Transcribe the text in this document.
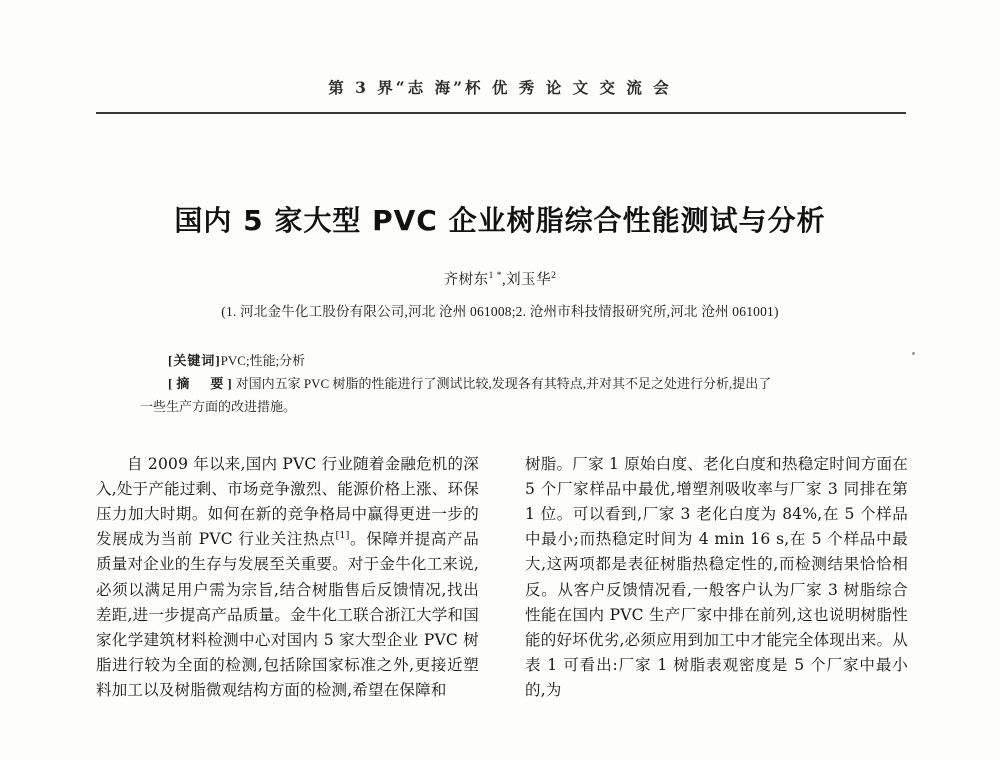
第 3 界“志 海”杯 优 秀 论 文 交 流 会
国内 5 家大型 PVC 企业树脂综合性能测试与分析
齐树东$^{1 *}$,刘玉华$^2$
(1. 河北金牛化工股份有限公司,河北 沧州 061008;2. 沧州市科技情报研究所,河北 沧州 061001)
[关键词]PVC;性能;分析
[摘　要]对国内五家 PVC 树脂的性能进行了测试比较,发现各有其特点,并对其不足之处进行分析,提出了
一些生产方面的改进措施。

自 2009 年以来,国内 PVC 行业随着金融危机的深入,处于产能过剩、市场竞争激烈、能源价格上涨、环保压力加大时期。如何在新的竞争格局中赢得更进一步的发展成为当前 PVC 行业关注热点[1]。保障并提高产品质量对企业的生存与发展至关重要。对于金牛化工来说,必须以满足用户需为宗旨,结合树脂售后反馈情况,找出差距,进一步提高产品质量。金牛化工联合浙江大学和国家化学建筑材料检测中心对国内 5 家大型企业 PVC 树脂进行较为全面的检测,包括除国家标准之外,更接近塑料加工以及树脂微观结构方面的检测,希望在保障和

树脂。厂家 1 原始白度、老化白度和热稳定时间方面在 5 个厂家样品中最优,增塑剂吸收率与厂家 3 同排在第 1 位。可以看到,厂家 3 老化白度为 84%,在 5 个样品中最小;而热稳定时间为 4 min 16 s,在 5 个样品中最大,这两项都是表征树脂热稳定性的,而检测结果恰恰相反。从客户反馈情况看,一般客户认为厂家 3 树脂综合性能在国内 PVC 生产厂家中排在前列,这也说明树脂性能的好坏优劣,必须应用到加工中才能完全体现出来。从表 1 可看出:厂家 1 树脂表观密度是 5 个厂家中最小的,为
